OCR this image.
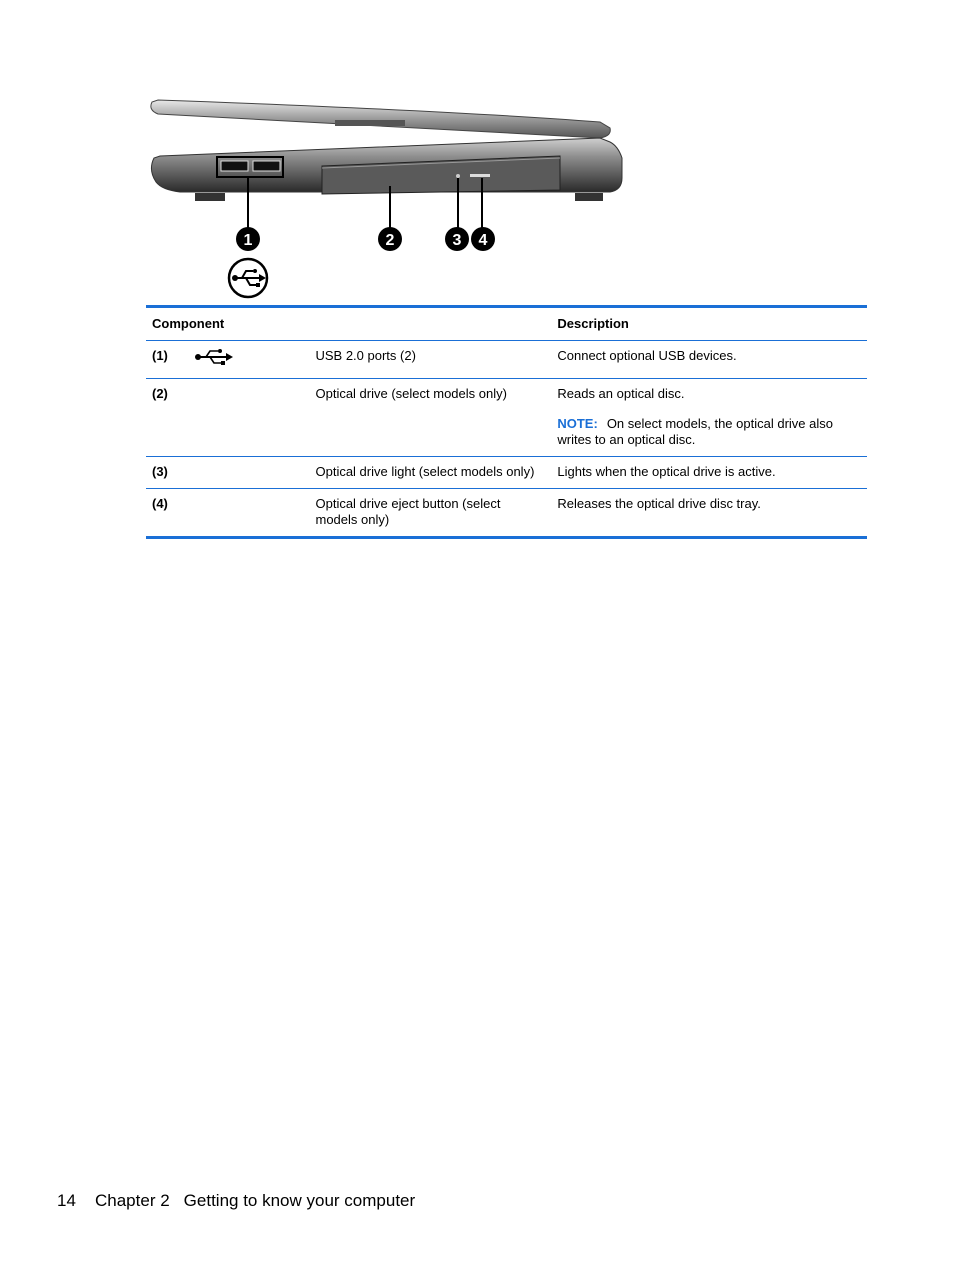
1	2	3 4
Component			Description
(1)		USB 2.0 ports (2)	Connect optional USB devices.
(2)		Optical drive (select models only)	Reads an optical disc.
NOTE: On select models, the optical drive also writes to an optical disc.

(3)		Optical drive light (select models only)	Lights when the optical drive is active.
(4)		Optical drive eject button (select models only)	Releases the optical drive disc tray.
14 Chapter 2 Getting to know your computer
